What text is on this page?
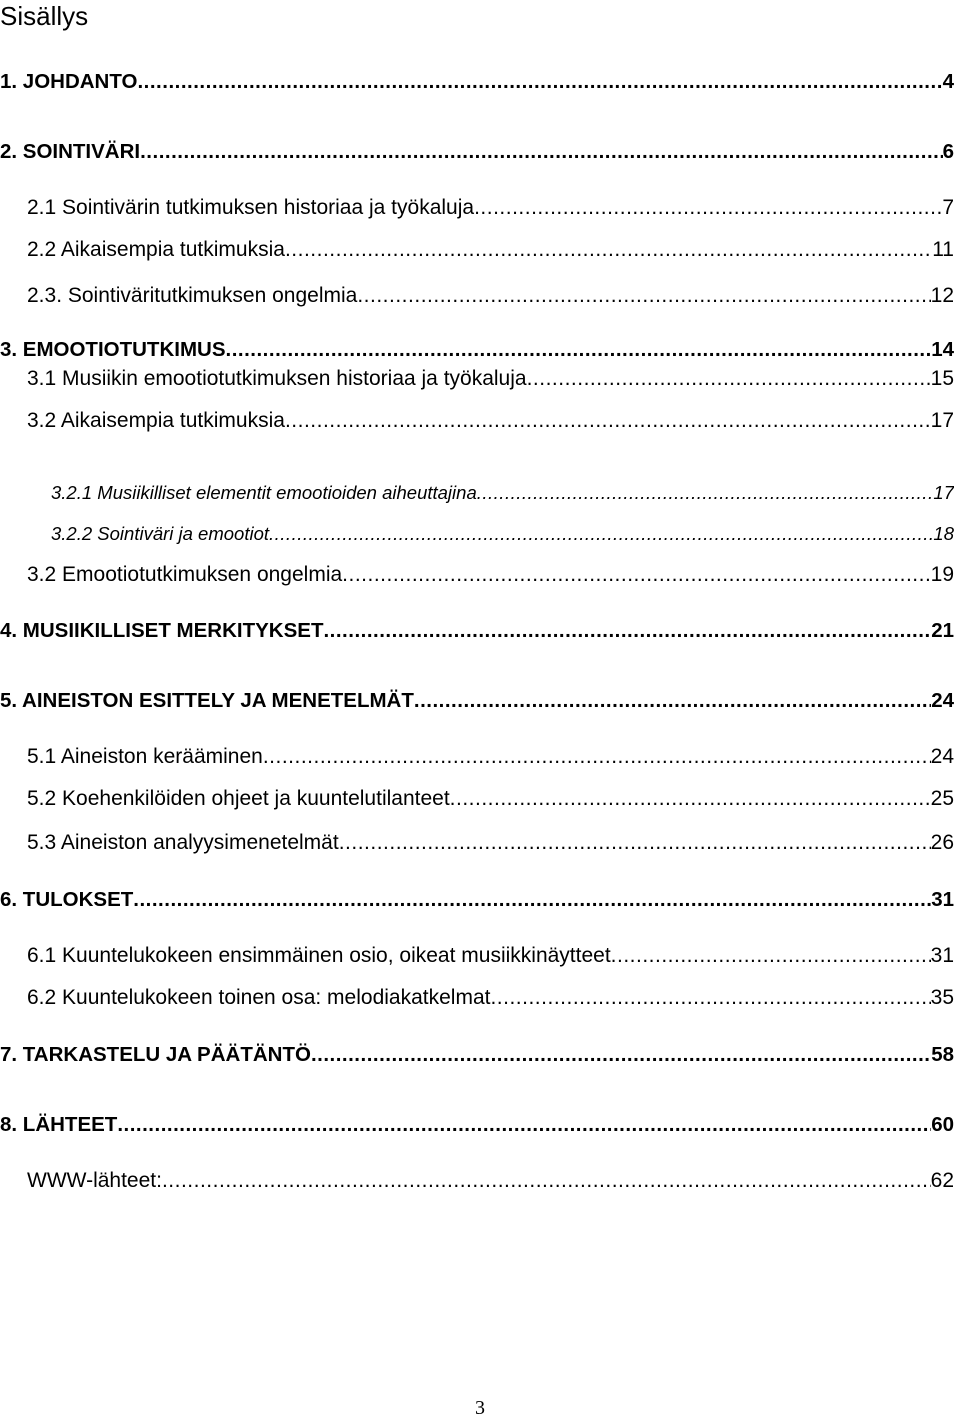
Sisällys
1. JOHDANTO .....	4
2. SOINTIVÄRI .....	6
2.1 Sointivärin tutkimuksen historiaa ja työkaluja .....	7
2.2 Aikaisempia tutkimuksia .....	11
2.3. Sointiväritutkimuksen ongelmia .....	12
3. EMOOTIOTUTKIMUS .....	14
3.1 Musiikin emootiotutkimuksen historiaa ja työkaluja .....	15
3.2 Aikaisempia tutkimuksia .....	17
3.2.1 Musiikilliset elementit emootioiden aiheuttajina .....	17
3.2.2 Sointiväri ja emootiot .....	18
3.2 Emootiotutkimuksen ongelmia .....	19
4. MUSIIKILLISET MERKITYKSET .....	21
5. AINEISTON ESITTELY JA MENETELMÄT .....	24
5.1 Aineiston kerääminen .....	24
5.2 Koehenkilöiden ohjeet ja kuuntelutilanteet .....	25
5.3 Aineiston analyysimenetelmät .....	26
6. TULOKSET .....	31
6.1 Kuuntelukokeen ensimmäinen osio, oikeat musiikkinäytteet .....	31
6.2 Kuuntelukokeen toinen osa: melodiakatkelmat .....	35
7. TARKASTELU JA PÄÄTÄNTÖ .....	58
8. LÄHTEET .....	60
WWW-lähteet: .....	62
3
